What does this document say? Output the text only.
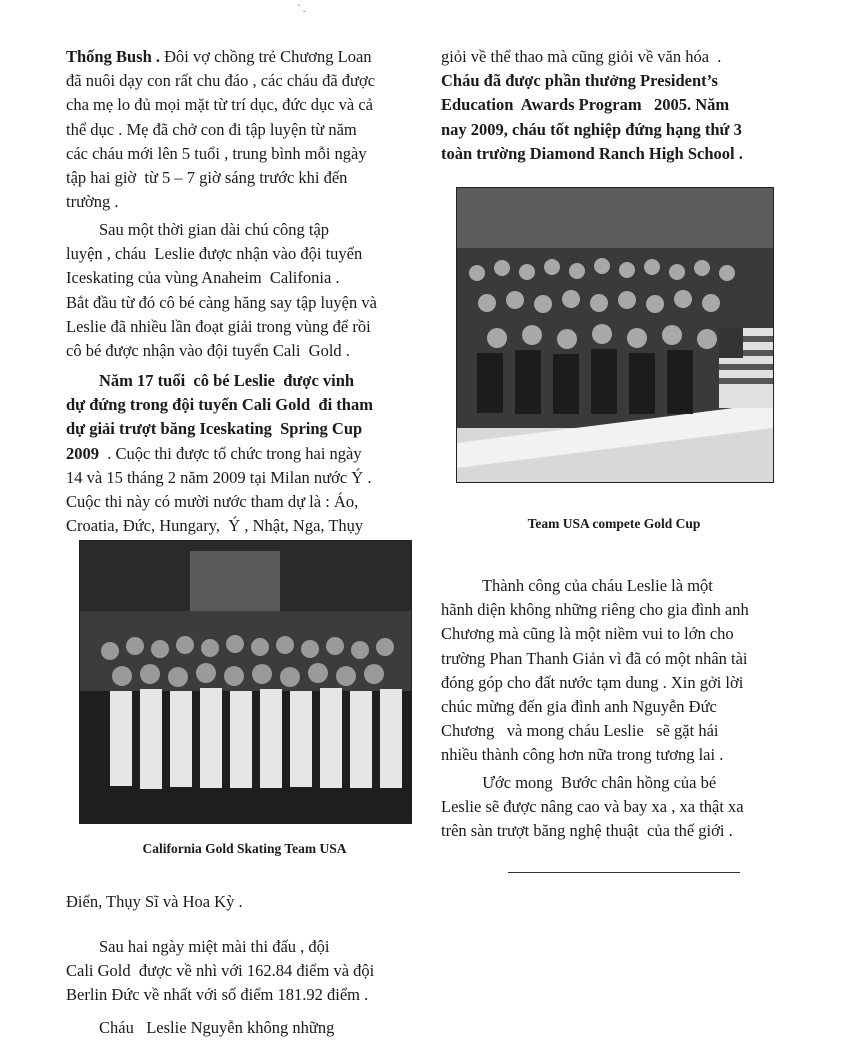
` .
Thống Bush . Đôi vợ chồng trẻ Chương Loan
đã nuôi dạy con rất chu đáo , các cháu đã được
cha mẹ lo đủ mọi mặt từ trí dục, đức dục và cả
thể dục . Mẹ đã chở con đi tập luyện từ năm
các cháu mới lên 5 tuổi , trung bình mỗi ngày
tập hai giờ  từ 5 – 7 giờ sáng trước khi đến
trường .
Sau một thời gian dài chú công tập
luyện , cháu  Leslie được nhận vào đội tuyển
Iceskating của vùng Anaheim  Califonia .
Bắt đầu từ đó cô bé càng hăng say tập luyện và
Leslie đã nhiều lần đoạt giải trong vùng để rồi
cô bé được nhận vào đội tuyển Cali  Gold .
Năm 17 tuổi  cô bé Leslie  được vinh
dự đứng trong đội tuyển Cali Gold  đi tham
dự giải trượt băng Iceskating  Spring Cup
2009  . Cuộc thi được tổ chức trong hai ngày
14 và 15 tháng 2 năm 2009 tại Milan nước Ý .
Cuộc thi này có mười nước tham dự là : Áo,
Croatia, Đức, Hungary,  Ý , Nhật, Nga, Thụy
California Gold Skating Team USA
Điển, Thụy Sĩ và Hoa Kỳ .
Sau hai ngày miệt mài thi đấu , đội
Cali Gold  được về nhì với 162.84 điểm và đội
Berlin Đức về nhất với số điểm 181.92 điểm .
Cháu   Leslie Nguyễn không những
giỏi về thể thao mà cũng giỏi về văn hóa  .
Cháu đã được phần thưởng President’s
Education  Awards Program   2005. Năm
nay 2009, cháu tốt nghiệp đứng hạng thứ 3
toàn trường Diamond Ranch High School .
Team USA compete Gold Cup
Thành công của cháu Leslie là một
hãnh diện không những riêng cho gia đình anh
Chương mà cũng là một niềm vui to lớn cho
trường Phan Thanh Giản vì đã có một nhân tài
đóng góp cho đất nước tạm dung . Xin gởi lời
chúc mừng đến gia đình anh Nguyễn Đức
Chương   và mong cháu Leslie   sẽ gặt hái
nhiều thành công hơn nữa trong tương lai .
Ước mong  Bước chân hồng của bé
Leslie sẽ được nâng cao và bay xa , xa thật xa
trên sàn trượt băng nghệ thuật  của thế giới .
